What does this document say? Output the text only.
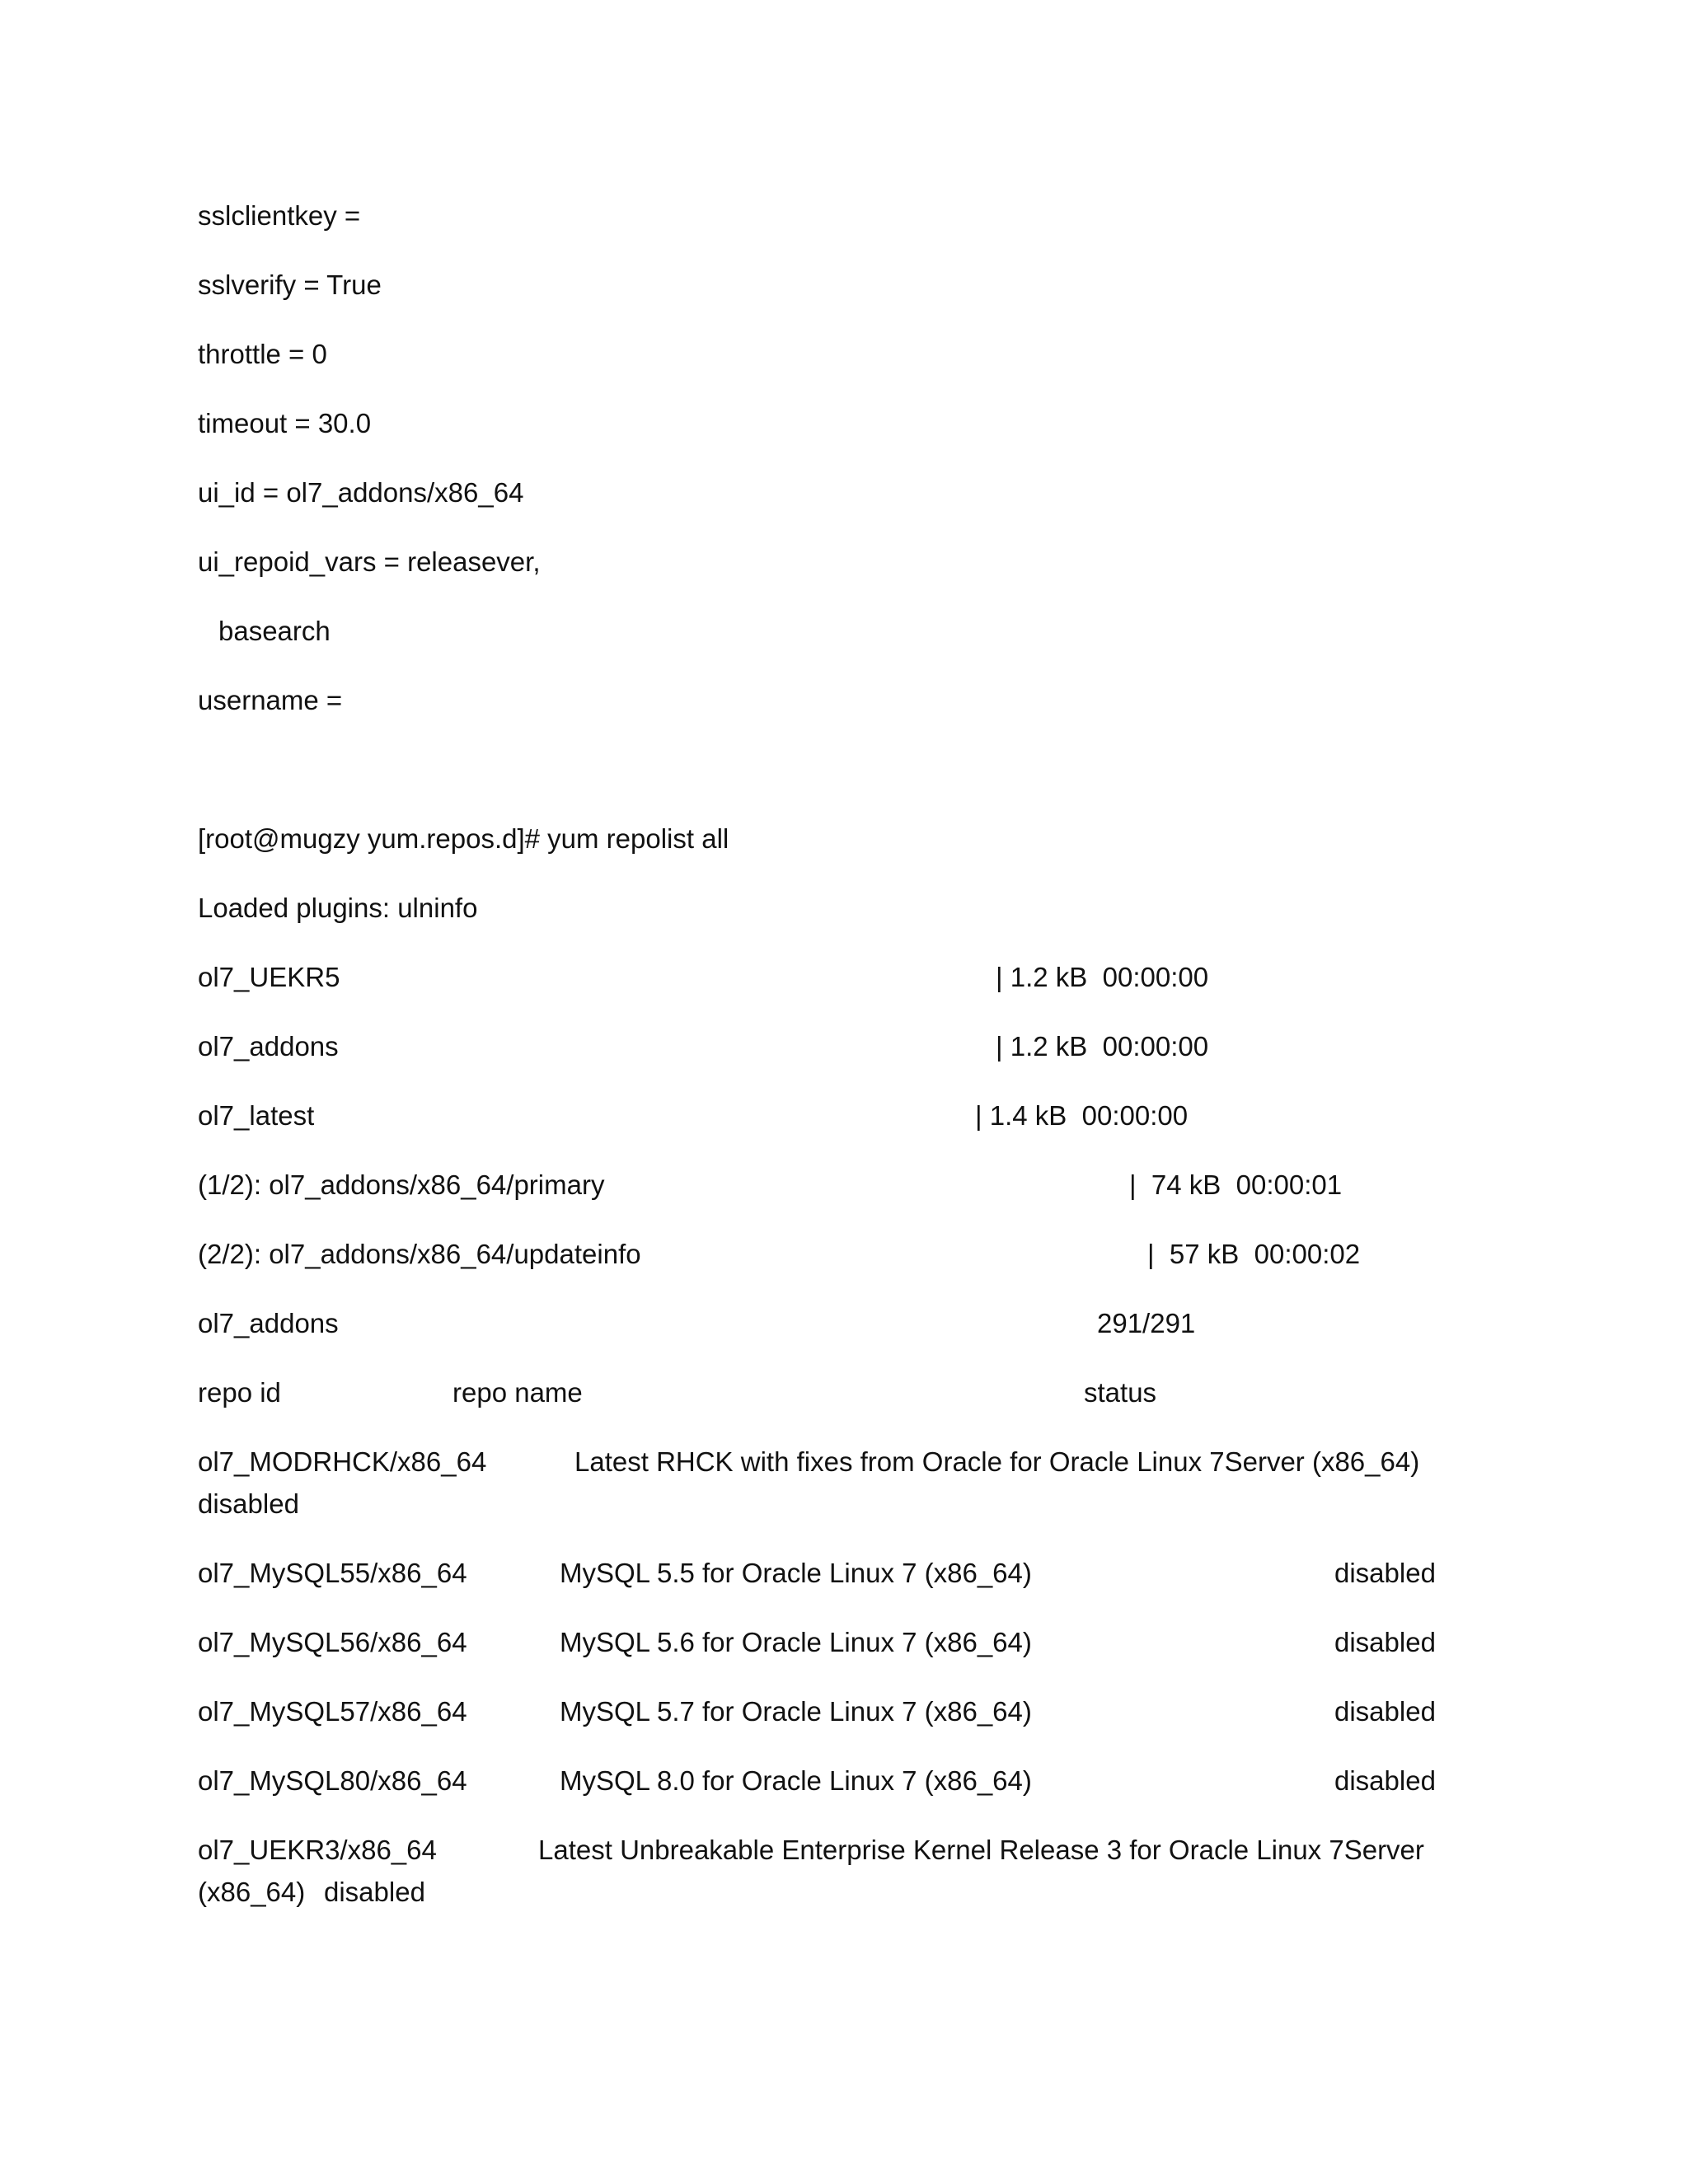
sslclientkey =
sslverify = True
throttle = 0
timeout = 30.0
ui_id = ol7_addons/x86_64
ui_repoid_vars = releasever,
basearch
username =
[root@mugzy yum.repos.d]# yum repolist all
Loaded plugins: ulninfo
ol7_UEKR5	| 1.2 kB  00:00:00
ol7_addons	| 1.2 kB  00:00:00
ol7_latest	| 1.4 kB  00:00:00
(1/2): ol7_addons/x86_64/primary	|  74 kB  00:00:01
(2/2): ol7_addons/x86_64/updateinfo	|  57 kB  00:00:02
ol7_addons	291/291
repo id	repo name	status
ol7_MODRHCK/x86_64	Latest RHCK with fixes from Oracle for Oracle Linux 7Server (x86_64)
disabled
ol7_MySQL55/x86_64	MySQL 5.5 for Oracle Linux 7 (x86_64)	disabled
ol7_MySQL56/x86_64	MySQL 5.6 for Oracle Linux 7 (x86_64)	disabled
ol7_MySQL57/x86_64	MySQL 5.7 for Oracle Linux 7 (x86_64)	disabled
ol7_MySQL80/x86_64	MySQL 8.0 for Oracle Linux 7 (x86_64)	disabled
ol7_UEKR3/x86_64	Latest Unbreakable Enterprise Kernel Release 3 for Oracle Linux 7Server
(x86_64) disabled
